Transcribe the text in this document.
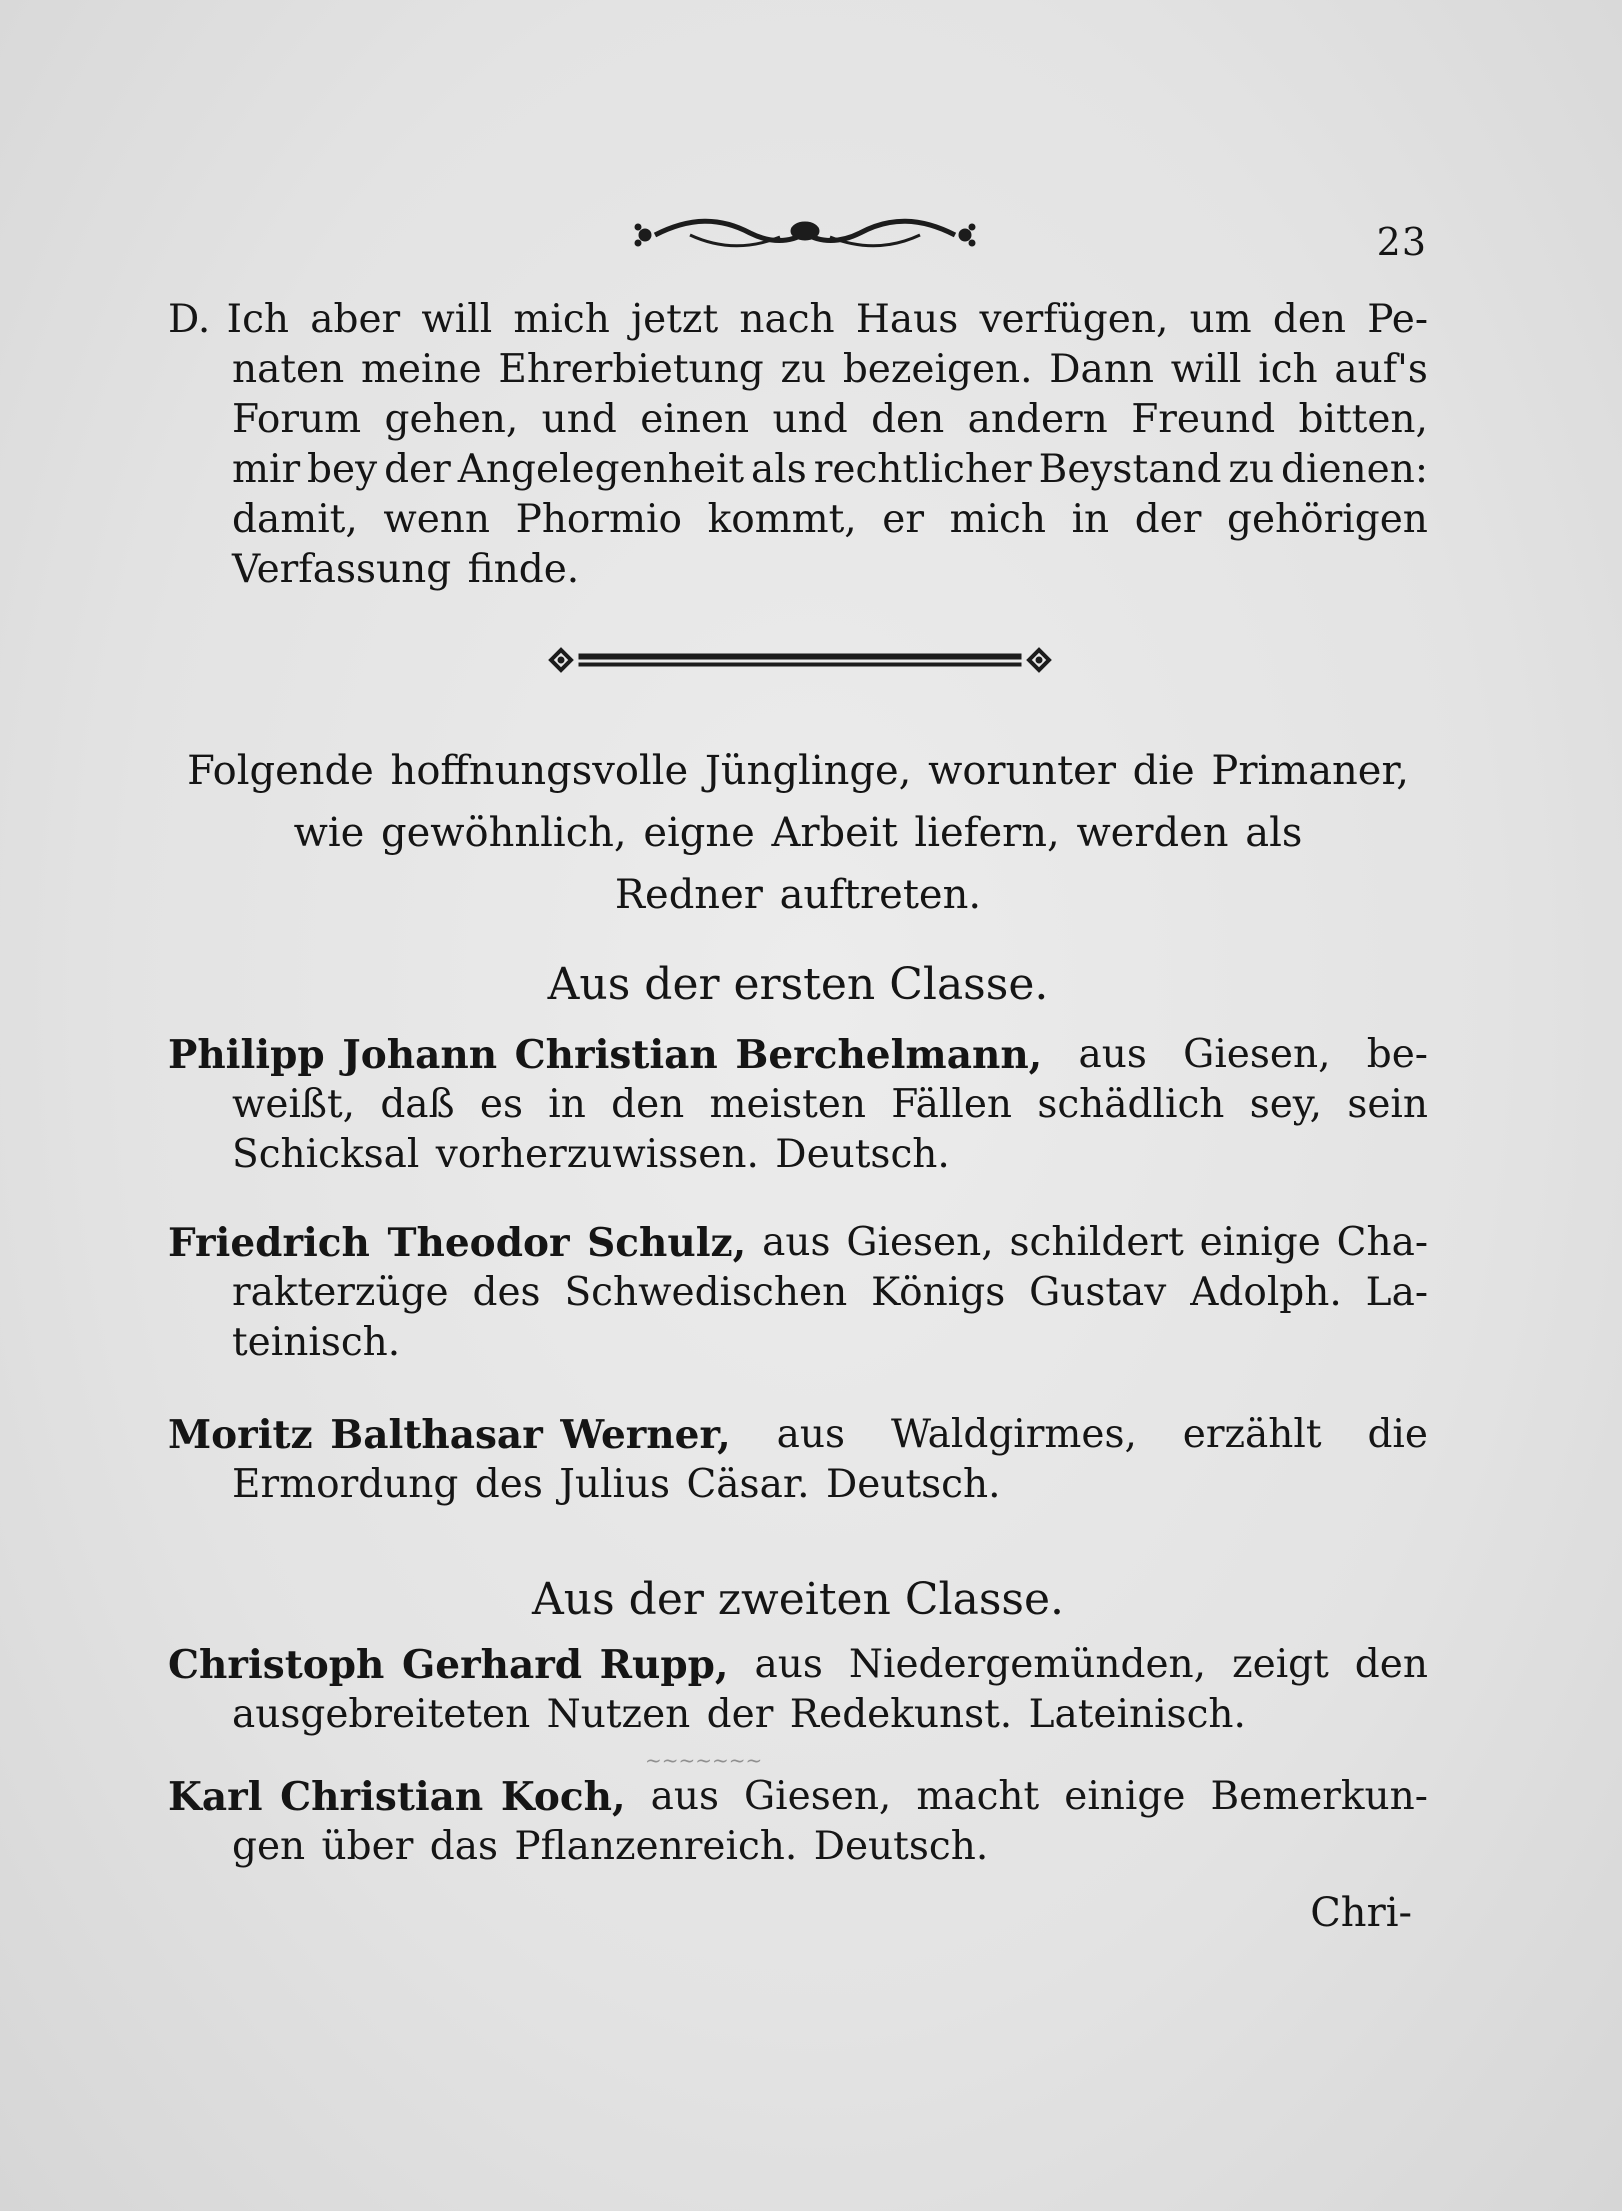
23
D. Ich aber will mich jetzt nach Haus verfügen, um den Pe-
naten meine Ehrerbietung zu bezeigen. Dann will ich auf's
Forum gehen, und einen und den andern Freund bitten,
mir bey der Angelegenheit als rechtlicher Beystand zu dienen:
damit, wenn Phormio kommt, er mich in der gehörigen
Verfassung finde.
Folgende hoffnungsvolle Jünglinge, worunter die Primaner,
wie gewöhnlich, eigne Arbeit liefern, werden als
Redner auftreten.
Aus der ersten Classe.
Philipp Johann Christian Berchelmann, aus Giesen, be-
weißt, daß es in den meisten Fällen schädlich sey, sein
Schicksal vorherzuwissen. Deutsch.
Friedrich Theodor Schulz, aus Giesen, schildert einige Cha-
rakterzüge des Schwedischen Königs Gustav Adolph. La-
teinisch.
Moritz Balthasar Werner, aus Waldgirmes, erzählt die
Ermordung des Julius Cäsar. Deutsch.
Aus der zweiten Classe.
Christoph Gerhard Rupp, aus Niedergemünden, zeigt den
ausgebreiteten Nutzen der Redekunst. Lateinisch.
~~~~~~~
Karl Christian Koch, aus Giesen, macht einige Bemerkun-
gen über das Pflanzenreich. Deutsch.
Chri-
